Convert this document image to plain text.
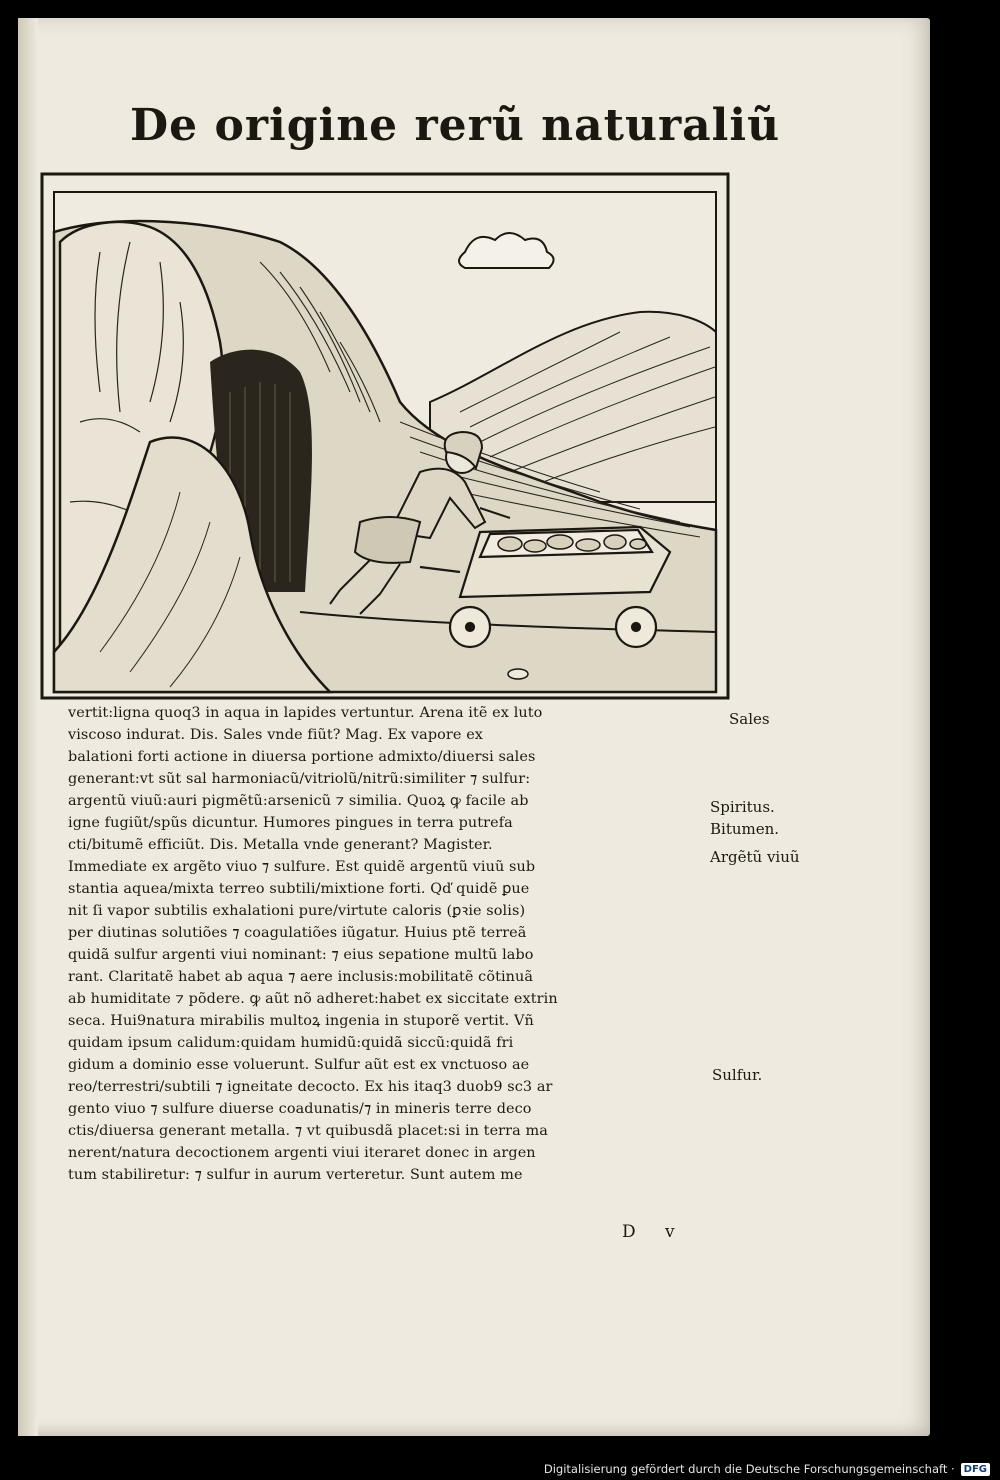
De origine rerũ naturaliũ
vertit:ligna quoq3 in aqua in lapides vertuntur. Arena itẽ ex luto
viscoso indurat. Dis. Sales vnde fiũt? Mag. Ex vapore ex
balationi forti actione in diuersa portione admixto/diuersi sales
generant:vt sũt sal harmoniacũ/vitriolũ/nitrũ:similiter ⁊ sulfur:
argentũ viuũ:auri pigmẽtũ:arsenicũ ⁊ similia. Quoꝝ ꝙ facile ab
igne fugiũt/spũs dicuntur. Humores pingues in terra putrefa
cti/bitumẽ efficiũt. Dis. Metalla vnde generant? Magister.
Immediate ex argẽto viuo ⁊ sulfure. Est quidẽ argentũ viuũ sub
stantia aquea/mixta terreo subtili/mixtione forti. Qď quidẽ ꝑue
nit ſi vapor subtilis exhalationi pure/virtute caloris (ꝑꝛie solis)
per diutinas solutiões ⁊ coagulatiões iũgatur. Huius ptẽ terreã
quidã sulfur argenti viui nominant: ⁊ eius sepatione multũ labo
rant. Claritatẽ habet ab aqua ⁊ aere inclusis:mobilitatẽ cõtinuã
ab humiditate ⁊ põdere. ꝙ aũt nõ adheret:habet ex siccitate extrin
seca. Hui9natura mirabilis multoꝝ ingenia in stuporẽ vertit. Vñ
quidam ipsum calidum:quidam humidũ:quidã siccũ:quidã fri
gidum a dominio esse voluerunt. Sulfur aũt est ex vnctuoso ae
reo/terrestri/subtili ⁊ igneitate decocto. Ex his itaq3 duob9 sc3 ar
gento viuo ⁊ sulfure diuerse coadunatis/⁊ in mineris terre deco
ctis/diuersa generant metalla. ⁊ vt quibusdã placet:si in terra ma
nerent/natura decoctionem argenti viui iteraret donec in argen
tum stabiliretur: ⁊ sulfur in aurum verteretur. Sunt autem me
Sales
Spiritus.
Bitumen.
Argẽtũ viuũ
Sulfur.
D v
Digitalisierung gefördert durch die Deutsche Forschungsgemeinschaft · DFG
